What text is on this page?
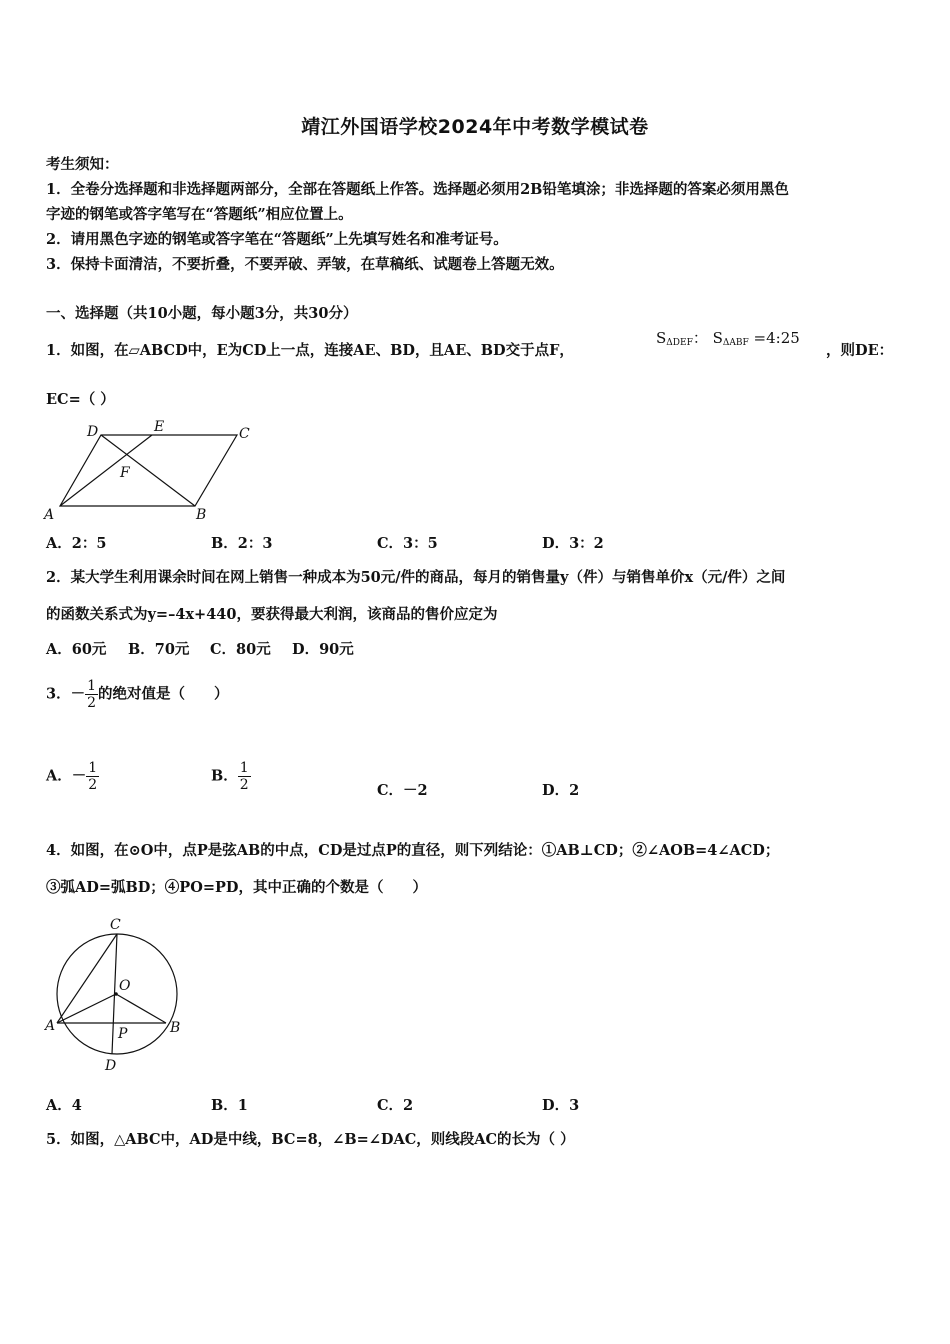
靖江外国语学校2024年中考数学模试卷
考生须知：
1．全卷分选择题和非选择题两部分，全部在答题纸上作答。选择题必须用2B铅笔填涂；非选择题的答案必须用黑色
字迹的钢笔或答字笔写在“答题纸”相应位置上。
2．请用黑色字迹的钢笔或答字笔在“答题纸”上先填写姓名和准考证号。
3．保持卡面清洁，不要折叠，不要弄破、弄皱，在草稿纸、试题卷上答题无效。
一、选择题（共10小题，每小题3分，共30分）
1．如图，在▱ABCD中，E为CD上一点，连接AE、BD，且AE、BD交于点F，
$S_{\Delta DEF}$： $S_{\Delta ABF}$ =4:25
，则DE：
EC=（ ）
A	B
C
D	E
F
A．2：5	B．2：3	C．3：5	D．3：2
2．某大学生利用课余时间在网上销售一种成本为50元/件的商品，每月的销售量y（件）与销售单价x（元/件）之间
的函数关系式为y=–4x+440，要获得最大利润，该商品的售价应定为
A．60元 B．70元 C．80元 D．90元
3．－ $\frac{1}{2}$ 的绝对值是（　　）
A．－ $\frac{1}{2}$	B． $\frac{1}{2}$	C．－2	D．2
4．如图，在⊙O中，点P是弦AB的中点，CD是过点P的直径，则下列结论：①AB⊥CD；②∠AOB=4∠ACD；
③弧AD=弧BD；④PO=PD，其中正确的个数是（　　）
A	B
C
D
O
P
A．4	B．1	C．2	D．3
5．如图，△ABC中，AD是中线，BC=8，∠B=∠DAC，则线段AC的长为（ ）
